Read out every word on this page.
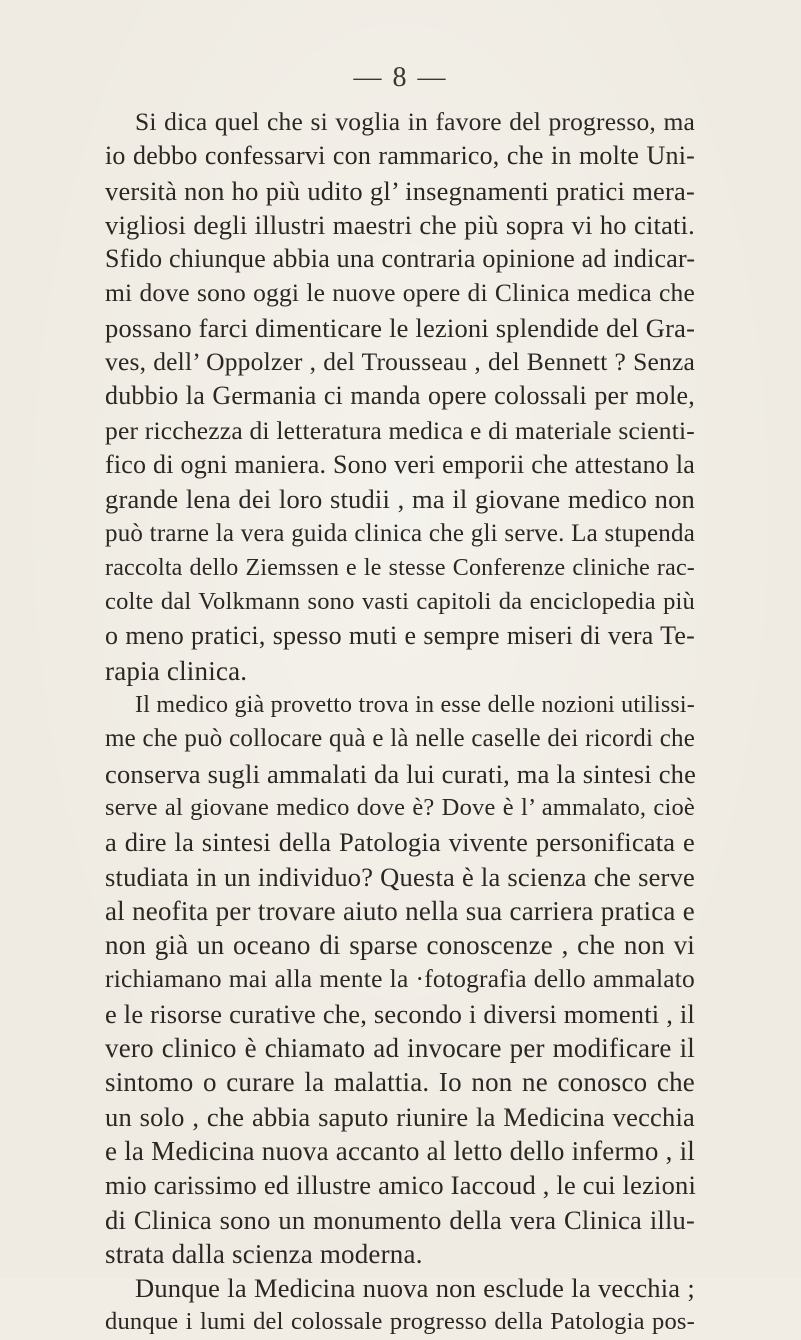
— 8 —
Si dica quel che si voglia in favore del progresso, ma
io debbo confessarvi con rammarico, che in molte Uni-
versità non ho più udito gl’ insegnamenti pratici mera-
vigliosi degli illustri maestri che più sopra vi ho citati.
Sfido chiunque abbia una contraria opinione ad indicar-
mi dove sono oggi le nuove opere di Clinica medica che
possano farci dimenticare le lezioni splendide del Gra-
ves, dell’ Oppolzer , del Trousseau , del Bennett ? Senza
dubbio la Germania ci manda opere colossali per mole,
per ricchezza di letteratura medica e di materiale scienti-
fico di ogni maniera. Sono veri emporii che attestano la
grande lena dei loro studii , ma il giovane medico non
può trarne la vera guida clinica che gli serve. La stupenda
raccolta dello Ziemssen e le stesse Conferenze cliniche rac-
colte dal Volkmann sono vasti capitoli da enciclopedia più
o meno pratici, spesso muti e sempre miseri di vera Te-
rapia clinica.
Il medico già provetto trova in esse delle nozioni utilissi-
me che può collocare quà e là nelle caselle dei ricordi che
conserva sugli ammalati da lui curati, ma la sintesi che
serve al giovane medico dove è? Dove è l’ ammalato, cioè
a dire la sintesi della Patologia vivente personificata e
studiata in un individuo? Questa è la scienza che serve
al neofita per trovare aiuto nella sua carriera pratica e
non già un oceano di sparse conoscenze , che non vi
richiamano mai alla mente la ·fotografia dello ammalato
e le risorse curative che, secondo i diversi momenti , il
vero clinico è chiamato ad invocare per modificare il
sintomo o curare la malattia. Io non ne conosco che
un solo , che abbia saputo riunire la Medicina vecchia
e la Medicina nuova accanto al letto dello infermo , il
mio carissimo ed illustre amico Iaccoud , le cui lezioni
di Clinica sono un monumento della vera Clinica illu-
strata dalla scienza moderna.
Dunque la Medicina nuova non esclude la vecchia ;
dunque i lumi del colossale progresso della Patologia pos-
